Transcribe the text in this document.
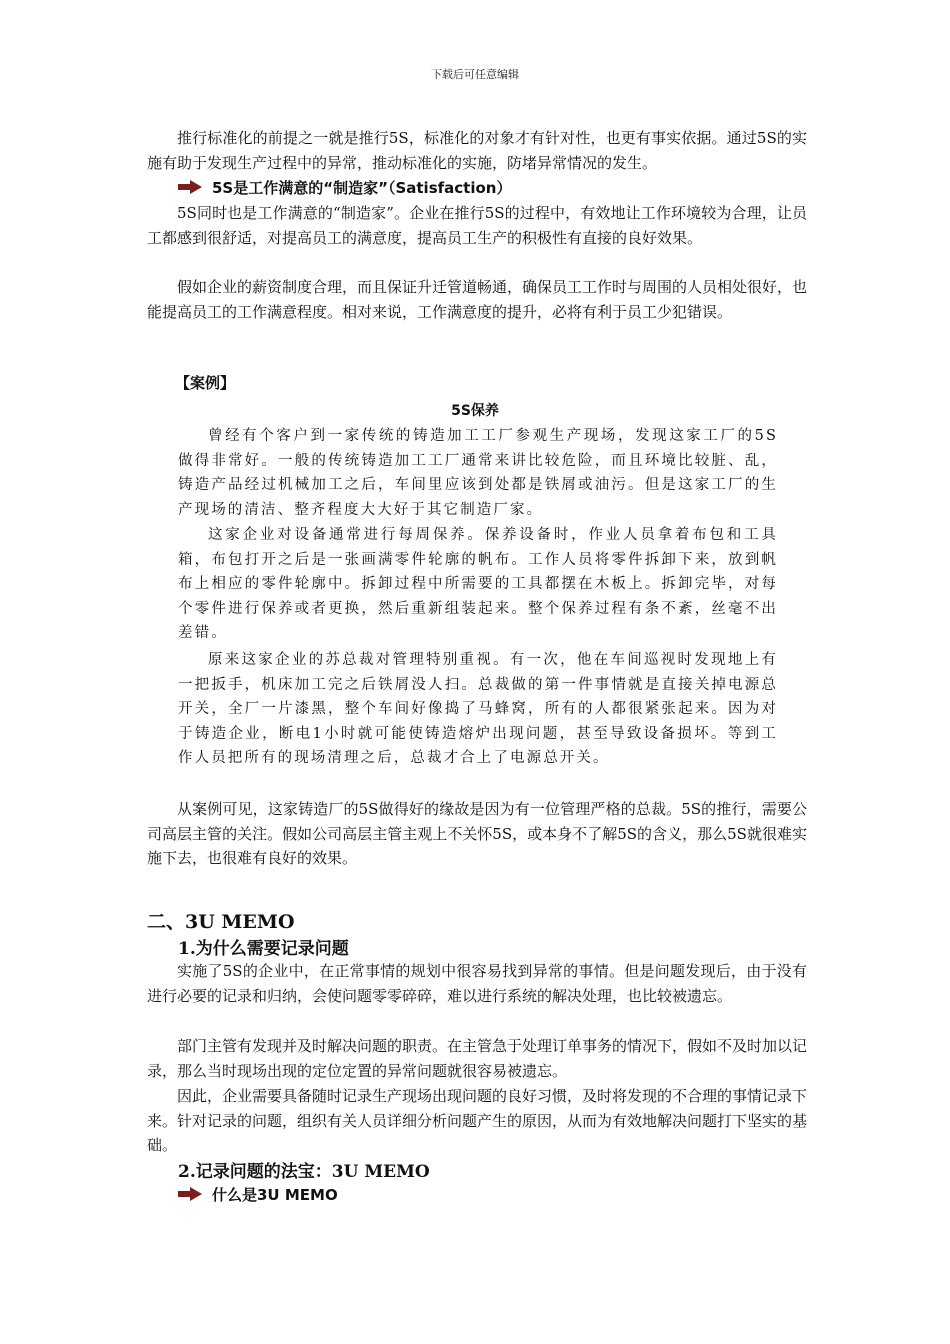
下载后可任意编辑

推行标准化的前提之一就是推行5S，标准化的对象才有针对性，也更有事实依据。通过5S的实施有助于发现生产过程中的异常，推动标准化的实施，防堵异常情况的发生。

5S是工作满意的“制造家”（Satisfaction）

5S同时也是工作满意的“制造家”。企业在推行5S的过程中，有效地让工作环境较为合理，让员工都感到很舒适，对提高员工的满意度，提高员工生产的积极性有直接的良好效果。

假如企业的薪资制度合理，而且保证升迁管道畅通，确保员工工作时与周围的人员相处很好，也能提高员工的工作满意程度。相对来说，工作满意度的提升，必将有利于员工少犯错误。

【案例】
5S保养

曾经有个客户到一家传统的铸造加工工厂参观生产现场，发现这家工厂的5S做得非常好。一般的传统铸造加工工厂通常来讲比较危险，而且环境比较脏、乱，铸造产品经过机械加工之后，车间里应该到处都是铁屑或油污。但是这家工厂的生产现场的清洁、整齐程度大大好于其它制造厂家。

这家企业对设备通常进行每周保养。保养设备时，作业人员拿着布包和工具箱，布包打开之后是一张画满零件轮廓的帆布。工作人员将零件拆卸下来，放到帆布上相应的零件轮廓中。拆卸过程中所需要的工具都摆在木板上。拆卸完毕，对每个零件进行保养或者更换，然后重新组装起来。整个保养过程有条不紊，丝毫不出差错。

原来这家企业的苏总裁对管理特别重视。有一次，他在车间巡视时发现地上有一把扳手，机床加工完之后铁屑没人扫。总裁做的第一件事情就是直接关掉电源总开关，全厂一片漆黑，整个车间好像捣了马蜂窝，所有的人都很紧张起来。因为对于铸造企业，断电1小时就可能使铸造熔炉出现问题，甚至导致设备损坏。等到工作人员把所有的现场清理之后，总裁才合上了电源总开关。

从案例可见，这家铸造厂的5S做得好的缘故是因为有一位管理严格的总裁。5S的推行，需要公司高层主管的关注。假如公司高层主管主观上不关怀5S，或本身不了解5S的含义，那么5S就很难实施下去，也很难有良好的效果。

二、3U MEMO
1.为什么需要记录问题

实施了5S的企业中，在正常事情的规划中很容易找到异常的事情。但是问题发现后，由于没有进行必要的记录和归纳，会使问题零零碎碎，难以进行系统的解决处理，也比较被遗忘。

部门主管有发现并及时解决问题的职责。在主管急于处理订单事务的情况下，假如不及时加以记录，那么当时现场出现的定位定置的异常问题就很容易被遗忘。

因此，企业需要具备随时记录生产现场出现问题的良好习惯，及时将发现的不合理的事情记录下来。针对记录的问题，组织有关人员详细分析问题产生的原因，从而为有效地解决问题打下坚实的基础。

2.记录问题的法宝：3U MEMO
什么是3U MEMO
